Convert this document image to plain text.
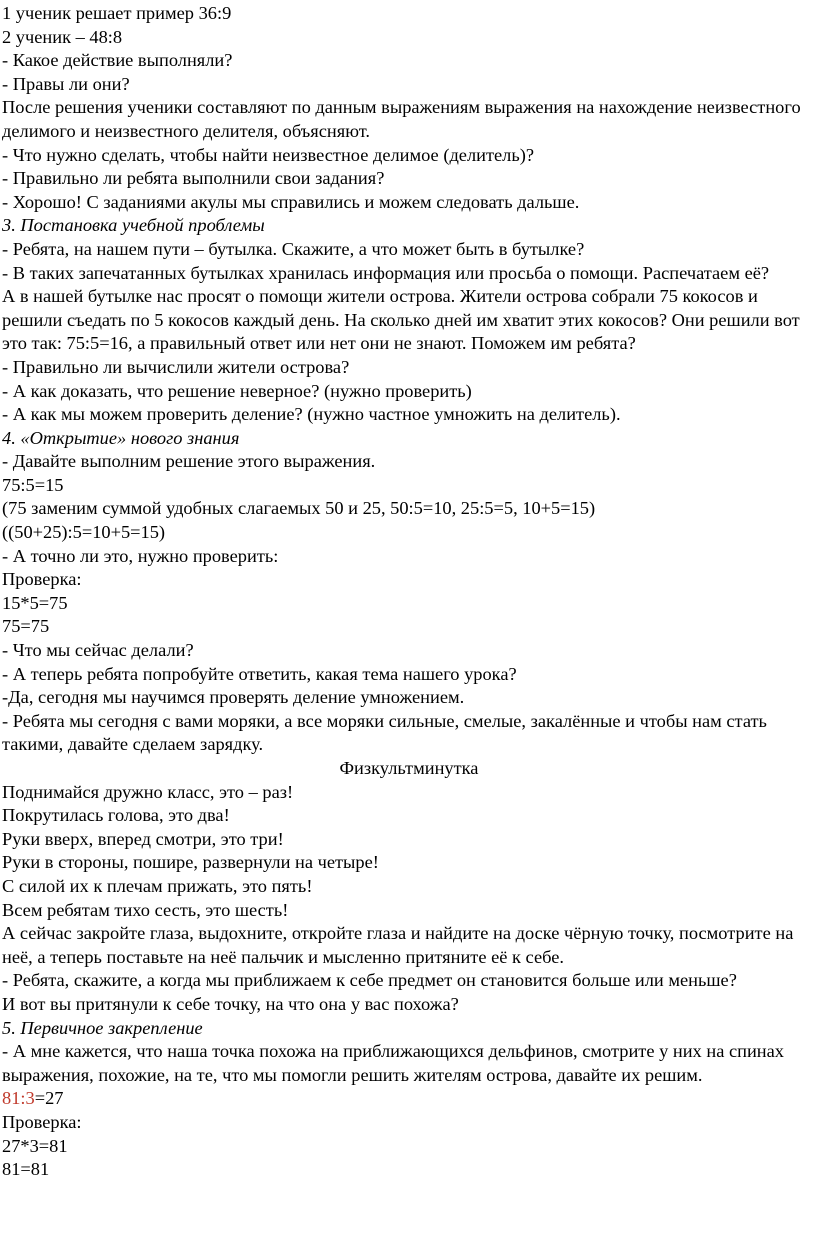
1 ученик решает пример 36:9
2 ученик – 48:8
- Какое действие выполняли?
- Правы ли они?
После решения ученики составляют по данным выражениям выражения на нахождение неизвестного делимого и неизвестного делителя, объясняют.
- Что нужно сделать, чтобы найти неизвестное делимое (делитель)?
- Правильно ли ребята выполнили свои задания?
- Хорошо! С заданиями акулы мы справились и можем следовать дальше.
3. Постановка учебной проблемы
- Ребята, на нашем пути – бутылка. Скажите, а что может быть в бутылке?
- В таких запечатанных бутылках хранилась информация или просьба о помощи. Распечатаем её?
А в нашей бутылке нас просят о помощи жители острова. Жители острова собрали 75 кокосов и решили съедать по 5 кокосов каждый день. На сколько дней им хватит этих кокосов? Они решили вот это так: 75:5=16, а правильный ответ или нет они не знают. Поможем им ребята?
- Правильно ли вычислили жители острова?
- А как доказать, что решение неверное? (нужно проверить)
- А как мы можем проверить деление? (нужно частное умножить на делитель).
4. «Открытие» нового знания
- Давайте выполним решение этого выражения.
75:5=15
(75 заменим суммой удобных слагаемых 50 и 25, 50:5=10, 25:5=5, 10+5=15)
((50+25):5=10+5=15)
- А точно ли это, нужно проверить:
Проверка:
15*5=75
75=75
- Что мы сейчас делали?
- А теперь ребята попробуйте ответить, какая тема нашего урока?
-Да, сегодня мы научимся проверять деление умножением.
- Ребята мы сегодня с вами моряки, а все моряки сильные, смелые, закалённые и чтобы нам стать такими, давайте сделаем зарядку.
Физкультминутка
Поднимайся дружно класс, это – раз!
Покрутилась голова, это два!
Руки вверх, вперед смотри, это три!
Руки в стороны, пошире, развернули на четыре!
С силой их к плечам прижать, это пять!
Всем ребятам тихо сесть, это шесть!
А сейчас закройте глаза, выдохните, откройте глаза и найдите на доске чёрную точку, посмотрите на неё, а теперь поставьте на неё пальчик и мысленно притяните её к себе.
- Ребята, скажите, а когда мы приближаем к себе предмет он становится больше или меньше?
И вот вы притянули к себе точку, на что она у вас похожа?
5. Первичное закрепление
- А мне кажется, что наша точка похожа на приближающихся дельфинов, смотрите у них на спинах выражения, похожие, на те, что мы помогли решить жителям острова, давайте их решим.
81:3=27
Проверка:
27*3=81
81=81
